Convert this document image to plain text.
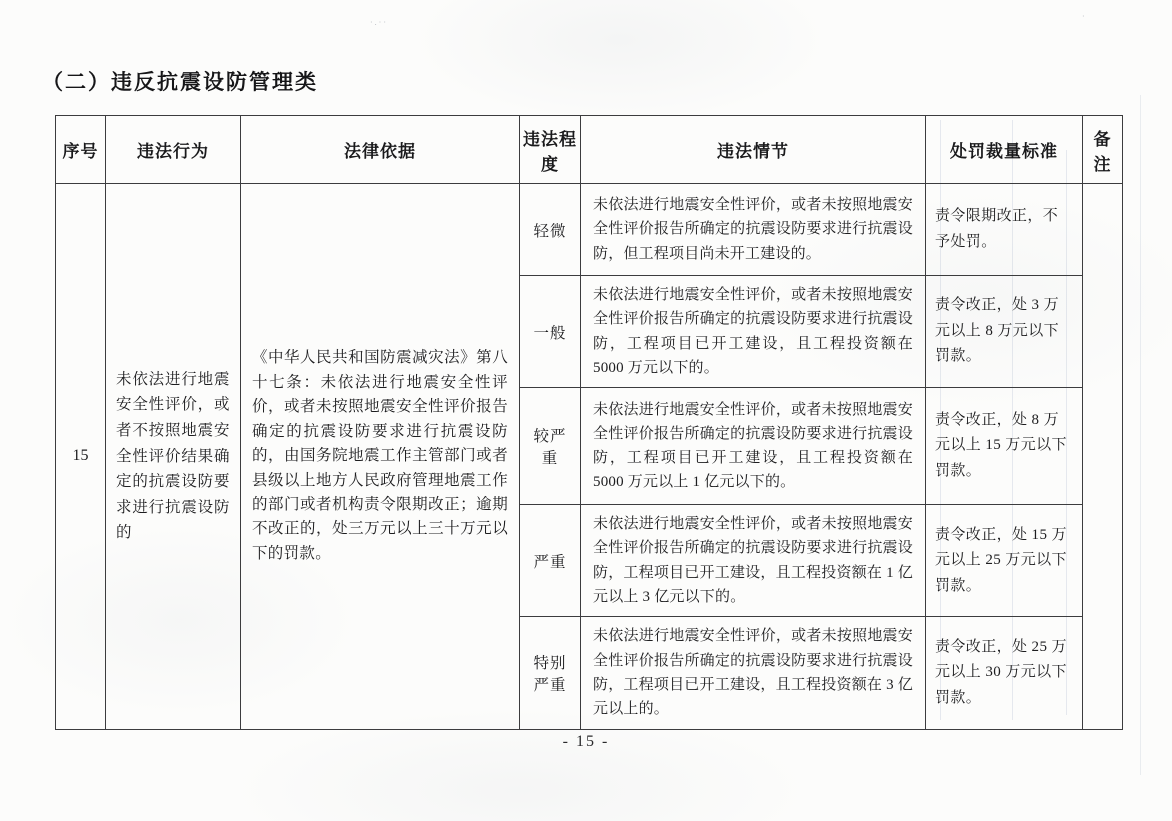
·.··
·
（二）违反抗震设防管理类
序号	违法行为	法律依据	违法程度	违法情节	处罚裁量标准	备注
15	未依法进行地震安全性评价，或者不按照地震安全性评价结果确定的抗震设防要求进行抗震设防的	《中华人民共和国防震减灾法》第八十七条：未依法进行地震安全性评价，或者未按照地震安全性评价报告确定的抗震设防要求进行抗震设防的，由国务院地震工作主管部门或者县级以上地方人民政府管理地震工作的部门或者机构责令限期改正；逾期不改正的，处三万元以上三十万元以下的罚款。	轻微	未依法进行地震安全性评价，或者未按照地震安全性评价报告所确定的抗震设防要求进行抗震设防，但工程项目尚未开工建设的。	责令限期改正，不予处罚。	
			一般	未依法进行地震安全性评价，或者未按照地震安全性评价报告所确定的抗震设防要求进行抗震设防，工程项目已开工建设，且工程投资额在 5000 万元以下的。	责令改正，处 3 万元以上 8 万元以下罚款。	
			较严重	未依法进行地震安全性评价，或者未按照地震安全性评价报告所确定的抗震设防要求进行抗震设防，工程项目已开工建设，且工程投资额在 5000 万元以上 1 亿元以下的。	责令改正，处 8 万元以上 15 万元以下罚款。	
			严重	未依法进行地震安全性评价，或者未按照地震安全性评价报告所确定的抗震设防要求进行抗震设防，工程项目已开工建设，且工程投资额在 1 亿元以上 3 亿元以下的。	责令改正，处 15 万元以上 25 万元以下罚款。	
			特别严重	未依法进行地震安全性评价，或者未按照地震安全性评价报告所确定的抗震设防要求进行抗震设防，工程项目已开工建设，且工程投资额在 3 亿元以上的。	责令改正，处 25 万元以上 30 万元以下罚款。	
- 15 -
